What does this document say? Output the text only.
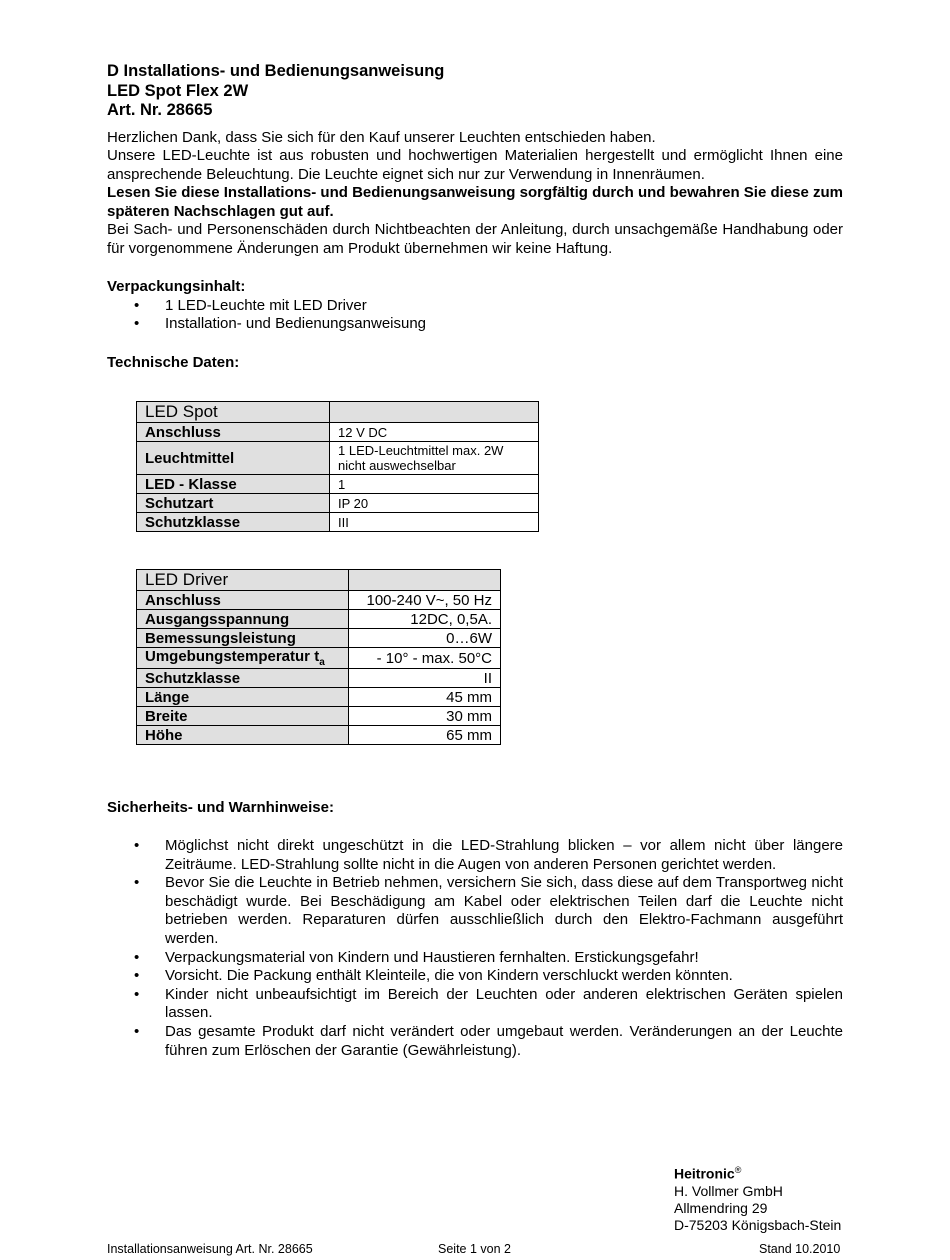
D Installations- und Bedienungsanweisung
LED Spot Flex 2W
Art. Nr. 28665
Herzlichen Dank, dass Sie sich für den Kauf unserer Leuchten entschieden haben.
Unsere LED-Leuchte ist aus robusten und hochwertigen Materialien hergestellt und ermöglicht Ihnen eine ansprechende Beleuchtung. Die Leuchte eignet sich nur zur Verwendung in Innenräumen.
Lesen Sie diese Installations- und Bedienungsanweisung sorgfältig durch und bewahren Sie diese zum späteren Nachschlagen gut auf.
Bei Sach- und Personenschäden durch Nichtbeachten der Anleitung, durch unsachgemäße Handhabung oder für vorgenommene Änderungen am Produkt übernehmen wir keine Haftung.
Verpackungsinhalt:
• 1 LED-Leuchte mit LED Driver
• Installation- und Bedienungsanweisung
Technische Daten:
LED Spot	
Anschluss	12 V DC
Leuchtmittel	1 LED-Leuchtmittel max. 2W
nicht auswechselbar

LED - Klasse	1
Schutzart	IP 20
Schutzklasse	III
LED Driver	
Anschluss	100-240 V~, 50 Hz
Ausgangsspannung	12DC, 0,5A.
Bemessungsleistung	0…6W
Umgebungstemperatur $t_a$	- 10° - max. 50°C
Schutzklasse	II
Länge	45 mm
Breite	30 mm
Höhe	65 mm
Sicherheits- und Warnhinweise:
• Möglichst nicht direkt ungeschützt in die LED-Strahlung blicken – vor allem nicht über längere Zeiträume. LED-Strahlung sollte nicht in die Augen von anderen Personen gerichtet werden.
• Bevor Sie die Leuchte in Betrieb nehmen, versichern Sie sich, dass diese auf dem Transportweg nicht beschädigt wurde. Bei Beschädigung am Kabel oder elektrischen Teilen darf die Leuchte nicht betrieben werden. Reparaturen dürfen ausschließlich durch den Elektro-Fachmann ausgeführt werden.
• Verpackungsmaterial von Kindern und Haustieren fernhalten. Erstickungsgefahr!
• Vorsicht. Die Packung enthält Kleinteile, die von Kindern verschluckt werden könnten.
• Kinder nicht unbeaufsichtigt im Bereich der Leuchten oder anderen elektrischen Geräten spielen lassen.
• Das gesamte Produkt darf nicht verändert oder umgebaut werden. Veränderungen an der Leuchte führen zum Erlöschen der Garantie (Gewährleistung).
Heitronic®
H. Vollmer GmbH
Allmendring 29
D-75203 Königsbach-Stein
Installationsanweisung Art. Nr. 28665	Seite 1 von 2	Stand 10.2010
